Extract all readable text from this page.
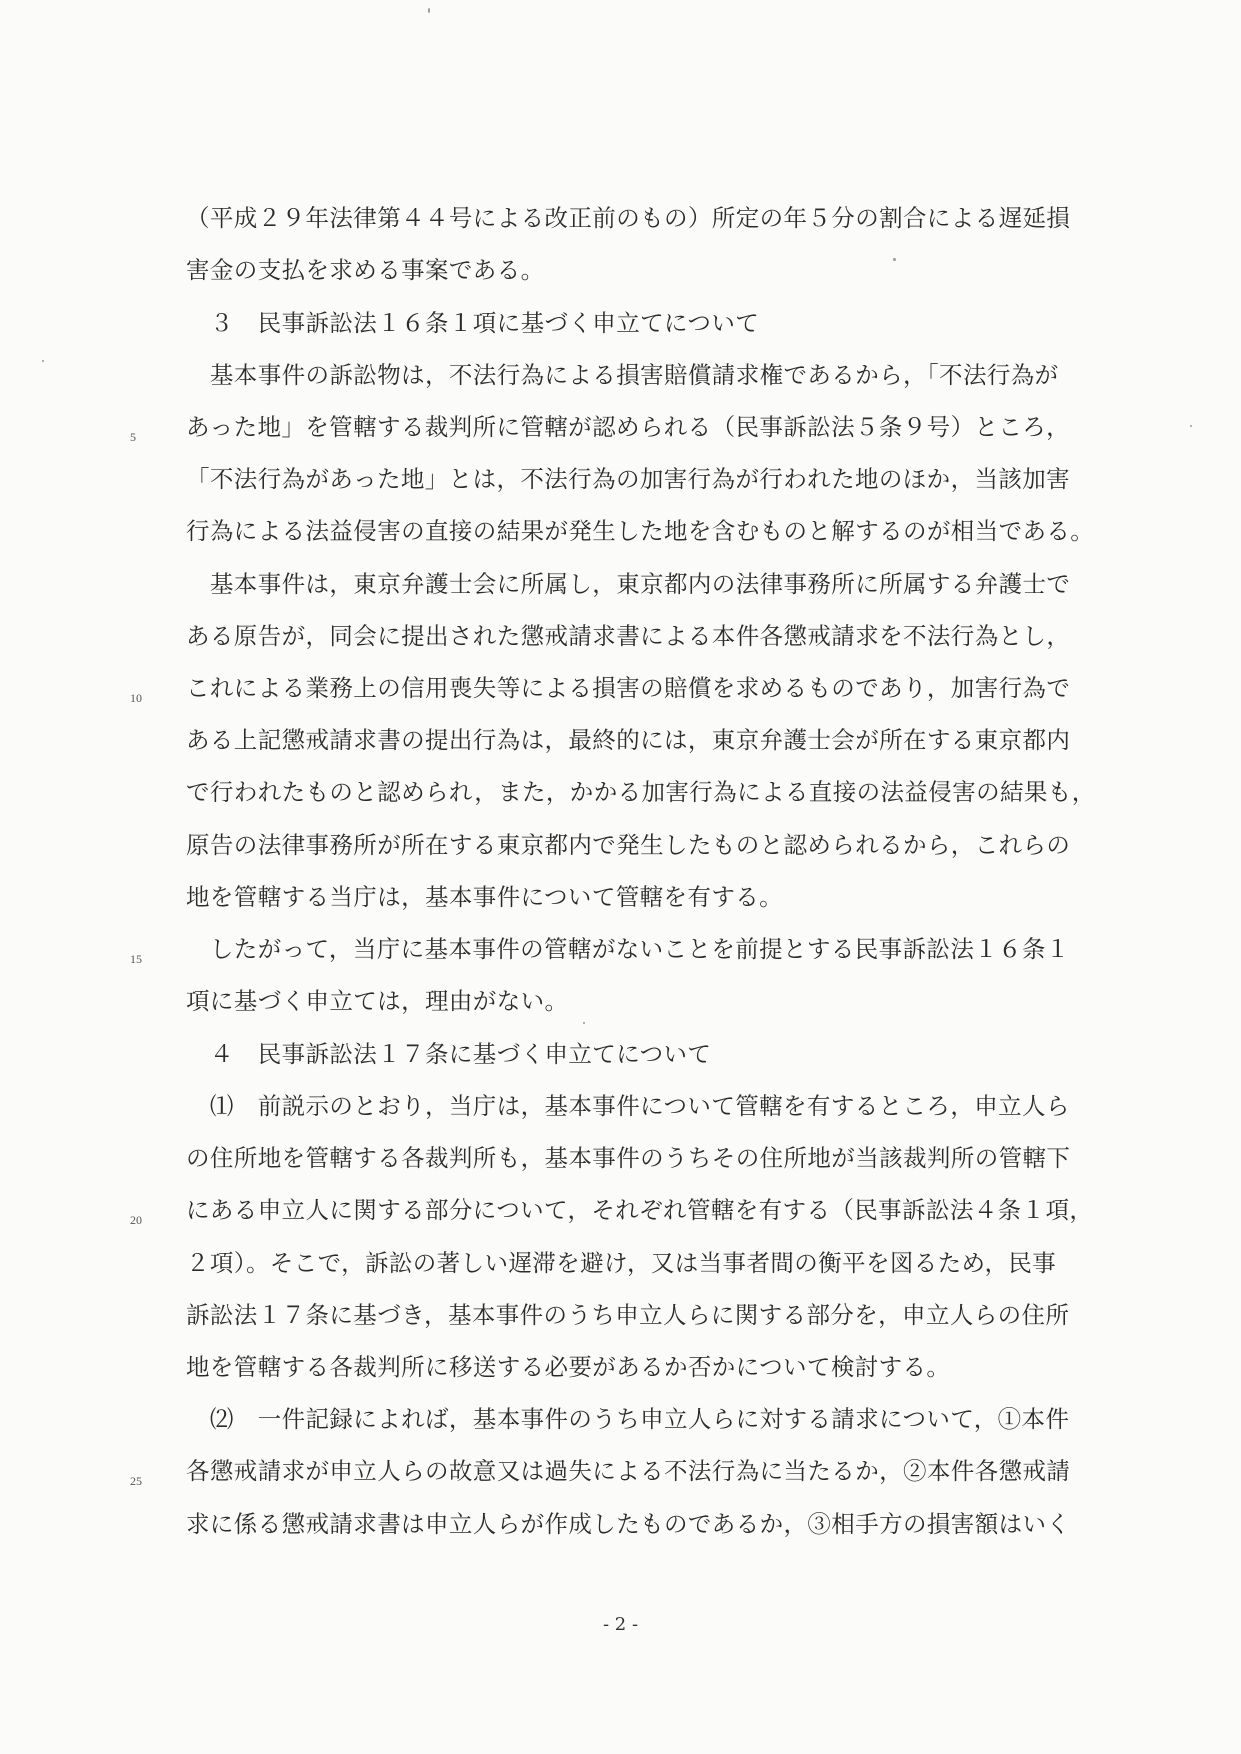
（平成２９年法律第４４号による改正前のもの）所定の年５分の割合による遅延損
害金の支払を求める事案である。
　３　民事訴訟法１６条１項に基づく申立てについて
　基本事件の訴訟物は，不法行為による損害賠償請求権であるから，「不法行為が
あった地」を管轄する裁判所に管轄が認められる（民事訴訟法５条９号）ところ，
「不法行為があった地」とは，不法行為の加害行為が行われた地のほか，当該加害
行為による法益侵害の直接の結果が発生した地を含むものと解するのが相当である。
　基本事件は，東京弁護士会に所属し，東京都内の法律事務所に所属する弁護士で
ある原告が，同会に提出された懲戒請求書による本件各懲戒請求を不法行為とし，
これによる業務上の信用喪失等による損害の賠償を求めるものであり，加害行為で
ある上記懲戒請求書の提出行為は，最終的には，東京弁護士会が所在する東京都内
で行われたものと認められ，また，かかる加害行為による直接の法益侵害の結果も，
原告の法律事務所が所在する東京都内で発生したものと認められるから，これらの
地を管轄する当庁は，基本事件について管轄を有する。
　したがって，当庁に基本事件の管轄がないことを前提とする民事訴訟法１６条１
項に基づく申立ては，理由がない。
　４　民事訴訟法１７条に基づく申立てについて
　⑴　前説示のとおり，当庁は，基本事件について管轄を有するところ，申立人ら
の住所地を管轄する各裁判所も，基本事件のうちその住所地が当該裁判所の管轄下
にある申立人に関する部分について，それぞれ管轄を有する（民事訴訟法４条１項，
２項）。そこで，訴訟の著しい遅滞を避け，又は当事者間の衡平を図るため，民事
訴訟法１７条に基づき，基本事件のうち申立人らに関する部分を，申立人らの住所
地を管轄する各裁判所に移送する必要があるか否かについて検討する。
　⑵　一件記録によれば，基本事件のうち申立人らに対する請求について，①本件
各懲戒請求が申立人らの故意又は過失による不法行為に当たるか，②本件各懲戒請
求に係る懲戒請求書は申立人らが作成したものであるか，③相手方の損害額はいく
5
10
15
20
25
- 2 -
